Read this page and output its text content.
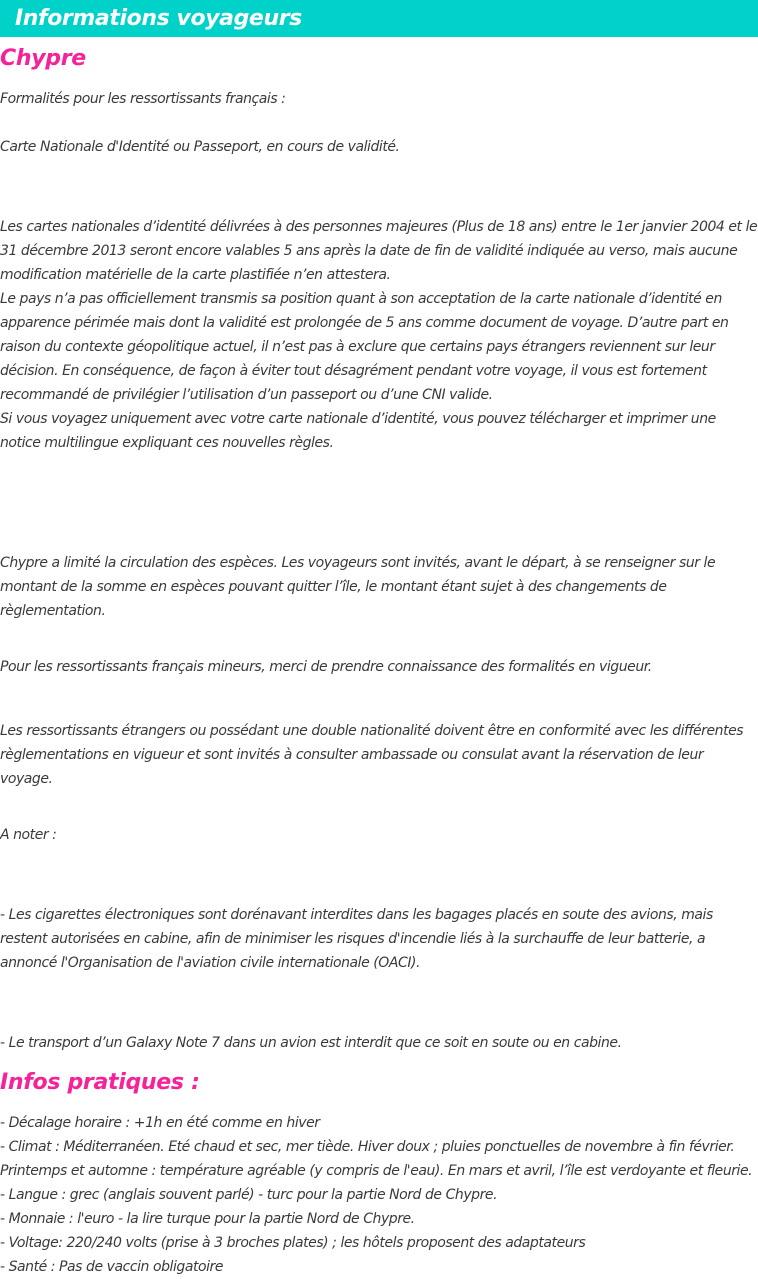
Informations voyageurs
Chypre
Formalités pour les ressortissants français :
Carte Nationale d'Identité ou Passeport, en cours de validité.
Les cartes nationales d’identité délivrées à des personnes majeures (Plus de 18 ans) entre le 1er janvier 2004 et le 31 décembre 2013 seront encore valables 5 ans après la date de fin de validité indiquée au verso, mais aucune modification matérielle de la carte plastifiée n’en attestera.
Le pays n’a pas officiellement transmis sa position quant à son acceptation de la carte nationale d’identité en apparence périmée mais dont la validité est prolongée de 5 ans comme document de voyage. D’autre part en raison du contexte géopolitique actuel, il n’est pas à exclure que certains pays étrangers reviennent sur leur décision. En conséquence, de façon à éviter tout désagrément pendant votre voyage, il vous est fortement recommandé de privilégier l’utilisation d’un passeport ou d’une CNI valide.
Si vous voyagez uniquement avec votre carte nationale d’identité, vous pouvez télécharger et imprimer une notice multilingue expliquant ces nouvelles règles.
Chypre a limité la circulation des espèces. Les voyageurs sont invités, avant le départ, à se renseigner sur le montant de la somme en espèces pouvant quitter l’île, le montant étant sujet à des changements de règlementation.
Pour les ressortissants français mineurs, merci de prendre connaissance des formalités en vigueur.
Les ressortissants étrangers ou possédant une double nationalité doivent être en conformité avec les différentes règlementations en vigueur et sont invités à consulter ambassade ou consulat avant la réservation de leur voyage.
A noter :
- Les cigarettes électroniques sont dorénavant interdites dans les bagages placés en soute des avions, mais restent autorisées en cabine, afin de minimiser les risques d'incendie liés à la surchauffe de leur batterie, a annoncé l'Organisation de l'aviation civile internationale (OACI).
- Le transport d’un Galaxy Note 7 dans un avion est interdit que ce soit en soute ou en cabine.
Infos pratiques :
- Décalage horaire : +1h en été comme en hiver
- Climat : Méditerranéen. Eté chaud et sec, mer tiède. Hiver doux ; pluies ponctuelles de novembre à fin février. Printemps et automne : température agréable (y compris de l'eau). En mars et avril, l’île est verdoyante et fleurie.
- Langue : grec (anglais souvent parlé) - turc pour la partie Nord de Chypre.
- Monnaie : l'euro - la lire turque pour la partie Nord de Chypre.
- Voltage: 220/240 volts (prise à 3 broches plates) ; les hôtels proposent des adaptateurs
- Santé : Pas de vaccin obligatoire
